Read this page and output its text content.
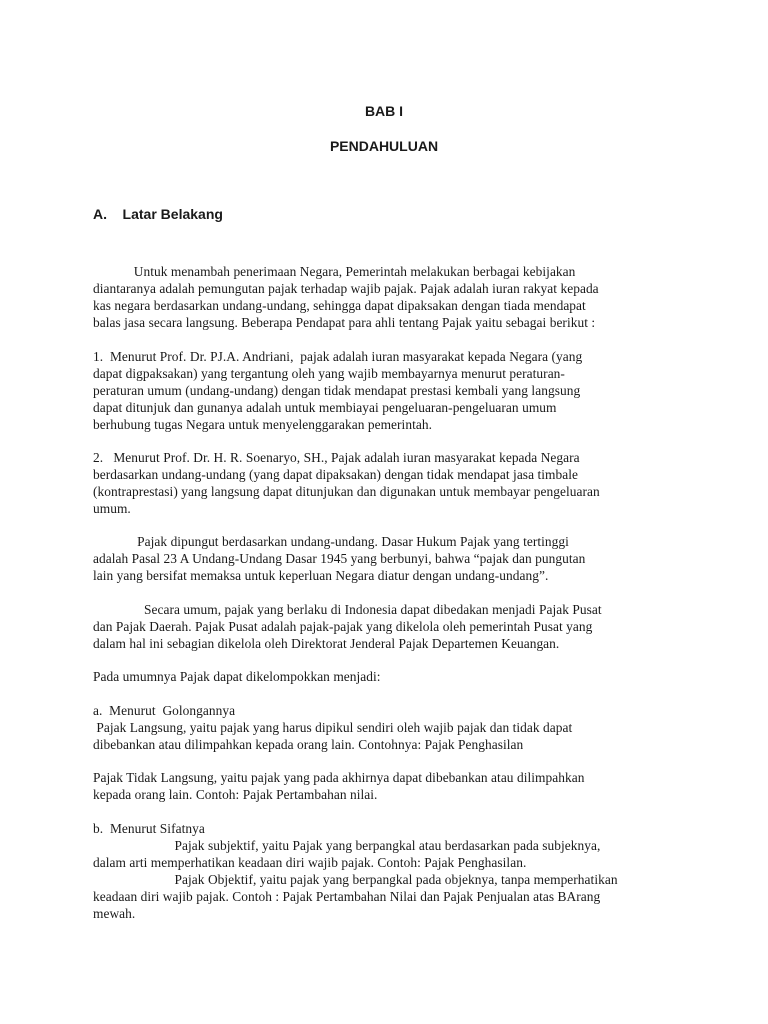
BAB I
PENDAHULUAN
A.    Latar Belakang
Untuk menambah penerimaan Negara, Pemerintah melakukan berbagai kebijakan
diantaranya adalah pemungutan pajak terhadap wajib pajak. Pajak adalah iuran rakyat kepada
kas negara berdasarkan undang-undang, sehingga dapat dipaksakan dengan tiada mendapat
balas jasa secara langsung. Beberapa Pendapat para ahli tentang Pajak yaitu sebagai berikut :
1.  Menurut Prof. Dr. PJ.A. Andriani,  pajak adalah iuran masyarakat kepada Negara (yang
dapat digpaksakan) yang tergantung oleh yang wajib membayarnya menurut peraturan-
peraturan umum (undang-undang) dengan tidak mendapat prestasi kembali yang langsung
dapat ditunjuk dan gunanya adalah untuk membiayai pengeluaran-pengeluaran umum
berhubung tugas Negara untuk menyelenggarakan pemerintah.
2.   Menurut Prof. Dr. H. R. Soenaryo, SH., Pajak adalah iuran masyarakat kepada Negara
berdasarkan undang-undang (yang dapat dipaksakan) dengan tidak mendapat jasa timbale
(kontraprestasi) yang langsung dapat ditunjukan dan digunakan untuk membayar pengeluaran
umum.
Pajak dipungut berdasarkan undang-undang. Dasar Hukum Pajak yang tertinggi
adalah Pasal 23 A Undang-Undang Dasar 1945 yang berbunyi, bahwa “pajak dan pungutan
lain yang bersifat memaksa untuk keperluan Negara diatur dengan undang-undang”.
Secara umum, pajak yang berlaku di Indonesia dapat dibedakan menjadi Pajak Pusat
dan Pajak Daerah. Pajak Pusat adalah pajak-pajak yang dikelola oleh pemerintah Pusat yang
dalam hal ini sebagian dikelola oleh Direktorat Jenderal Pajak Departemen Keuangan.
Pada umumnya Pajak dapat dikelompokkan menjadi:
a.  Menurut  Golongannya
Pajak Langsung, yaitu pajak yang harus dipikul sendiri oleh wajib pajak dan tidak dapat
dibebankan atau dilimpahkan kepada orang lain. Contohnya: Pajak Penghasilan
Pajak Tidak Langsung, yaitu pajak yang pada akhirnya dapat dibebankan atau dilimpahkan
kepada orang lain. Contoh: Pajak Pertambahan nilai.
b.  Menurut Sifatnya
Pajak subjektif, yaitu Pajak yang berpangkal atau berdasarkan pada subjeknya,
dalam arti memperhatikan keadaan diri wajib pajak. Contoh: Pajak Penghasilan.
Pajak Objektif, yaitu pajak yang berpangkal pada objeknya, tanpa memperhatikan
keadaan diri wajib pajak. Contoh : Pajak Pertambahan Nilai dan Pajak Penjualan atas BArang
mewah.
